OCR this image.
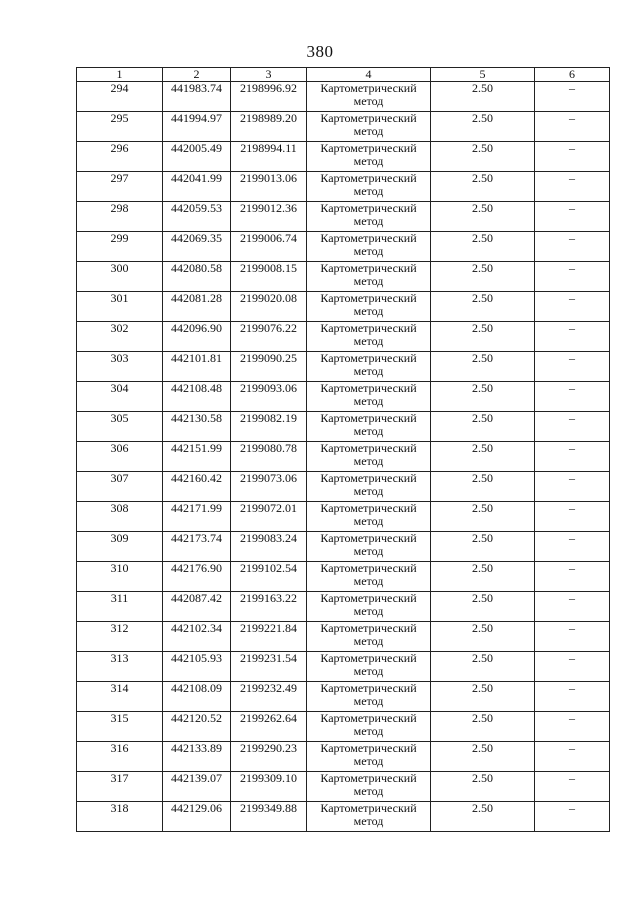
380
1	2	3	4	5	6
294	441983.74	2198996.92	Картометрический метод	2.50	–
295	441994.97	2198989.20	Картометрический метод	2.50	–
296	442005.49	2198994.11	Картометрический метод	2.50	–
297	442041.99	2199013.06	Картометрический метод	2.50	–
298	442059.53	2199012.36	Картометрический метод	2.50	–
299	442069.35	2199006.74	Картометрический метод	2.50	–
300	442080.58	2199008.15	Картометрический метод	2.50	–
301	442081.28	2199020.08	Картометрический метод	2.50	–
302	442096.90	2199076.22	Картометрический метод	2.50	–
303	442101.81	2199090.25	Картометрический метод	2.50	–
304	442108.48	2199093.06	Картометрический метод	2.50	–
305	442130.58	2199082.19	Картометрический метод	2.50	–
306	442151.99	2199080.78	Картометрический метод	2.50	–
307	442160.42	2199073.06	Картометрический метод	2.50	–
308	442171.99	2199072.01	Картометрический метод	2.50	–
309	442173.74	2199083.24	Картометрический метод	2.50	–
310	442176.90	2199102.54	Картометрический метод	2.50	–
311	442087.42	2199163.22	Картометрический метод	2.50	–
312	442102.34	2199221.84	Картометрический метод	2.50	–
313	442105.93	2199231.54	Картометрический метод	2.50	–
314	442108.09	2199232.49	Картометрический метод	2.50	–
315	442120.52	2199262.64	Картометрический метод	2.50	–
316	442133.89	2199290.23	Картометрический метод	2.50	–
317	442139.07	2199309.10	Картометрический метод	2.50	–
318	442129.06	2199349.88	Картометрический метод	2.50	–
